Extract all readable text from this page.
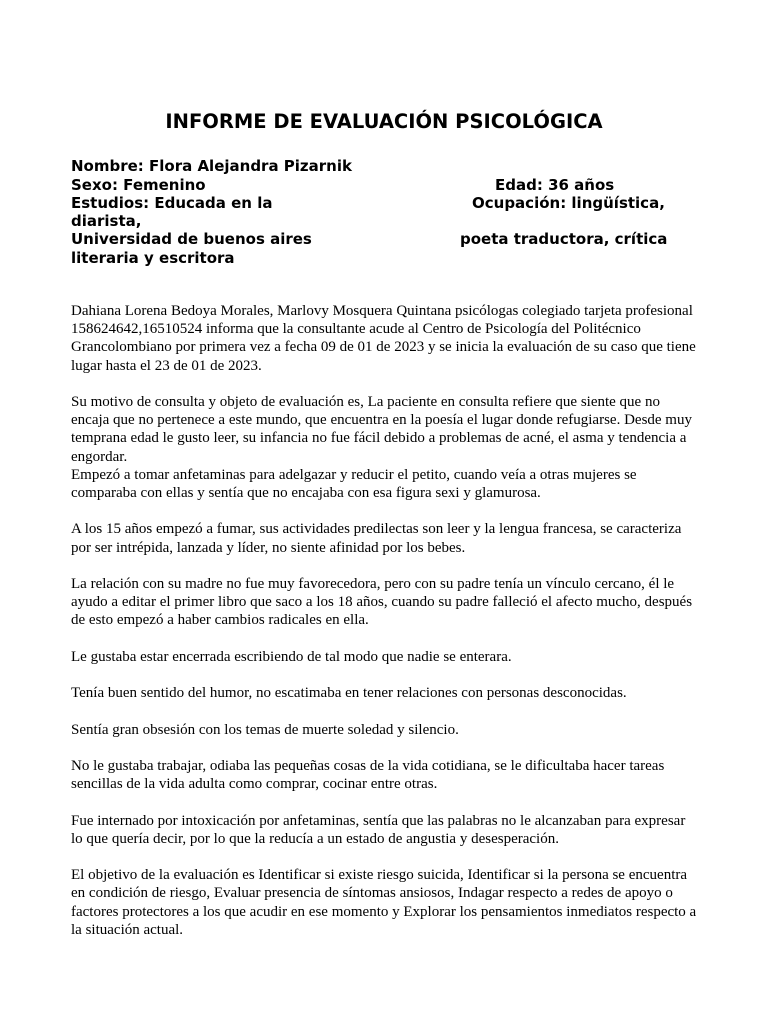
INFORME DE EVALUACIÓN PSICOLÓGICA
Nombre: Flora Alejandra Pizarnik
Sexo: Femenino	Edad: 36 años
Estudios: Educada en la	Ocupación: lingüística,
diarista,
Universidad de buenos aires	poeta traductora, crítica
literaria y escritora

Dahiana Lorena Bedoya Morales, Marlovy Mosquera Quintana psicólogas colegiado tarjeta profesional 158624642,16510524 informa que la consultante acude al Centro de Psicología del Politécnico Grancolombiano por primera vez a fecha 09 de 01 de 2023 y se inicia la evaluación de su caso que tiene lugar hasta el 23 de 01 de 2023.

Su motivo de consulta y objeto de evaluación es, La paciente en consulta refiere que siente que no encaja que no pertenece a este mundo, que encuentra en la poesía el lugar donde refugiarse. Desde muy temprana edad le gusto leer, su infancia no fue fácil debido a problemas de acné, el asma y tendencia a engordar.

Empezó a tomar anfetaminas para adelgazar y reducir el petito, cuando veía a otras mujeres se comparaba con ellas y sentía que no encajaba con esa figura sexi y glamurosa.

A los 15 años empezó a fumar, sus actividades predilectas son leer y la lengua francesa, se caracteriza por ser intrépida, lanzada y líder, no siente afinidad por los bebes.

La relación con su madre no fue muy favorecedora, pero con su padre tenía un vínculo cercano, él le ayudo a editar el primer libro que saco a los 18 años, cuando su padre falleció el afecto mucho, después de esto empezó a haber cambios radicales en ella.

Le gustaba estar encerrada escribiendo de tal modo que nadie se enterara.

Tenía buen sentido del humor, no escatimaba en tener relaciones con personas desconocidas.

Sentía gran obsesión con los temas de muerte soledad y silencio.

No le gustaba trabajar, odiaba las pequeñas cosas de la vida cotidiana, se le dificultaba hacer tareas sencillas de la vida adulta como comprar, cocinar entre otras.

Fue internado por intoxicación por anfetaminas, sentía que las palabras no le alcanzaban para expresar lo que quería decir, por lo que la reducía a un estado de angustia y desesperación.

El objetivo de la evaluación es Identificar si existe riesgo suicida, Identificar si la persona se encuentra en condición de riesgo, Evaluar presencia de síntomas ansiosos, Indagar respecto a redes de apoyo o factores protectores a los que acudir en ese momento y Explorar los pensamientos inmediatos respecto a la situación actual.
